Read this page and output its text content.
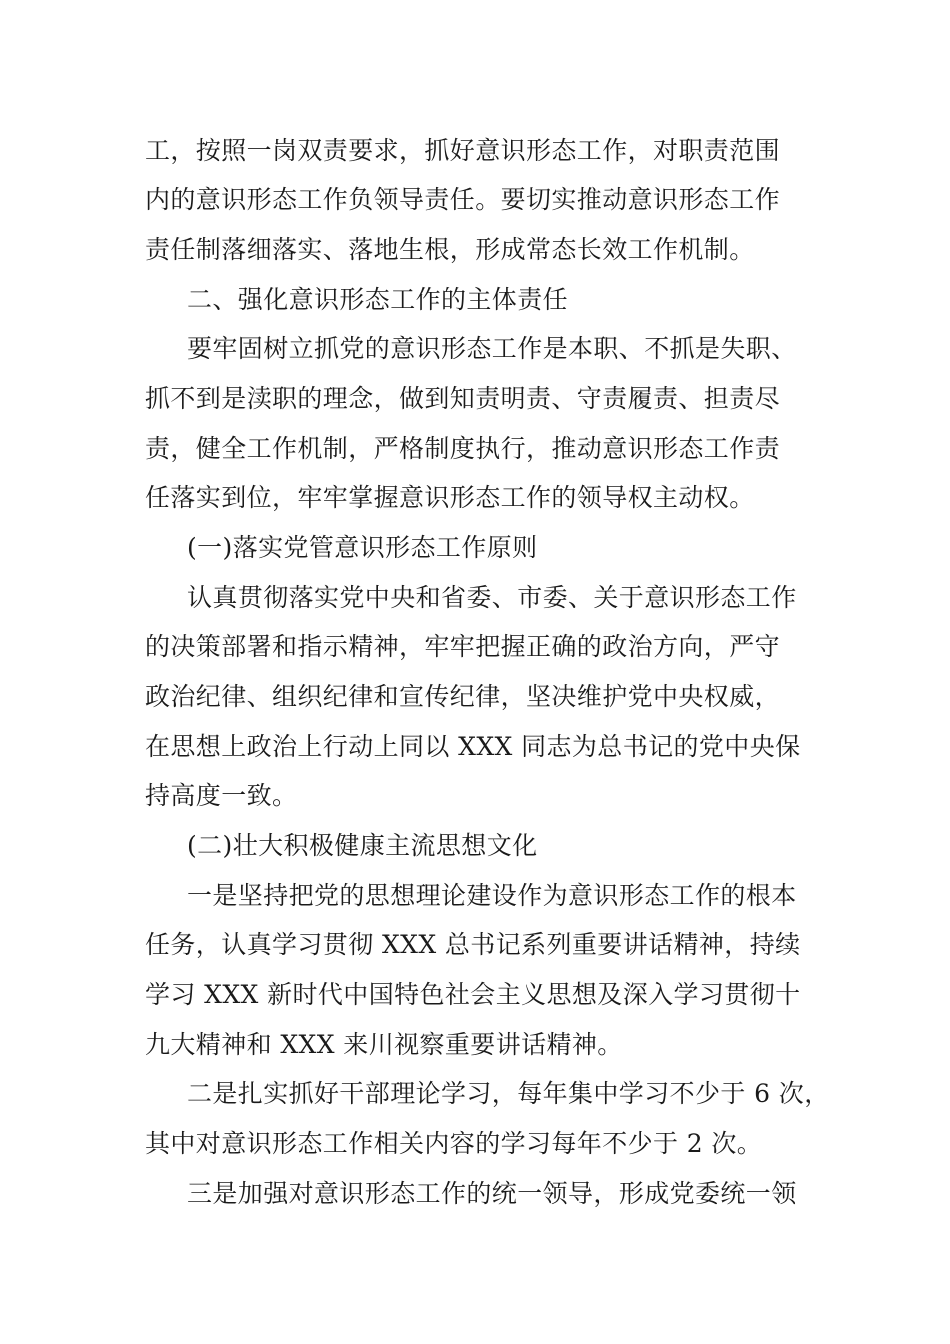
工，按照一岗双责要求，抓好意识形态工作，对职责范围
内的意识形态工作负领导责任。要切实推动意识形态工作
责任制落细落实、落地生根，形成常态长效工作机制。
二、强化意识形态工作的主体责任
要牢固树立抓党的意识形态工作是本职、不抓是失职、
抓不到是渎职的理念，做到知责明责、守责履责、担责尽
责，健全工作机制，严格制度执行，推动意识形态工作责
任落实到位，牢牢掌握意识形态工作的领导权主动权。
(一)落实党管意识形态工作原则
认真贯彻落实党中央和省委、市委、关于意识形态工作
的决策部署和指示精神，牢牢把握正确的政治方向，严守
政治纪律、组织纪律和宣传纪律，坚决维护党中央权威，
在思想上政治上行动上同以 XXX 同志为总书记的党中央保
持高度一致。
(二)壮大积极健康主流思想文化
一是坚持把党的思想理论建设作为意识形态工作的根本
任务，认真学习贯彻 XXX 总书记系列重要讲话精神，持续
学习 XXX 新时代中国特色社会主义思想及深入学习贯彻十
九大精神和 XXX 来川视察重要讲话精神。
二是扎实抓好干部理论学习，每年集中学习不少于 6 次，
其中对意识形态工作相关内容的学习每年不少于 2 次。
三是加强对意识形态工作的统一领导，形成党委统一领
